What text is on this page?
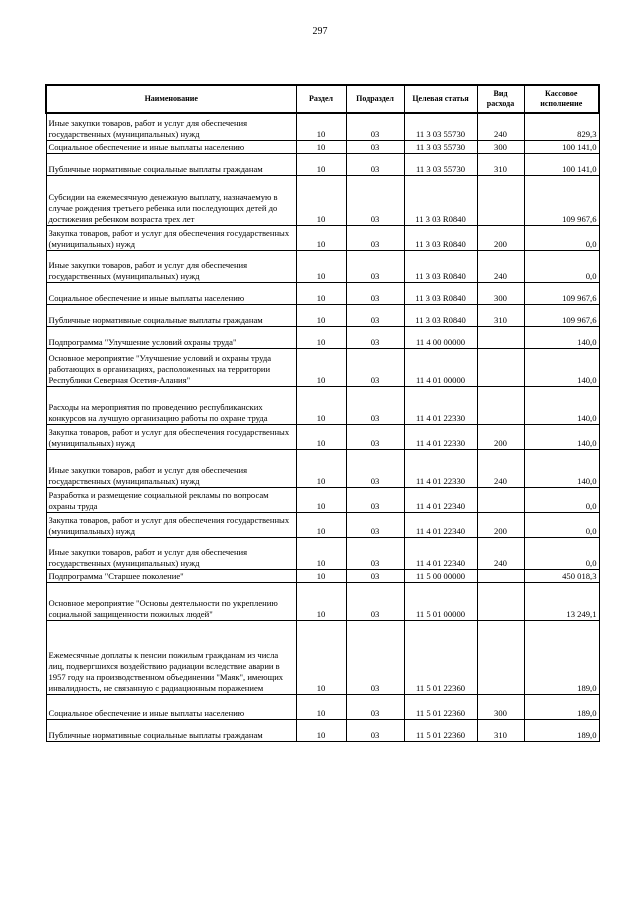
297
Наименование	Раздел	Подраздел	Целевая статья	Вид расхода	Кассовое исполнение
Иные закупки товаров, работ и услуг для обеспечения государственных (муниципальных) нужд	10	03	11 3 03 55730	240	829,3
Социальное обеспечение и иные выплаты населению	10	03	11 3 03 55730	300	100 141,0
Публичные нормативные социальные выплаты гражданам	10	03	11 3 03 55730	310	100 141,0
Субсидии на ежемесячную денежную выплату, назначаемую в случае рождения третьего ребенка или последующих детей до достижения ребенком возраста трех лет	10	03	11 3 03 R0840		109 967,6
Закупка товаров, работ и услуг для обеспечения государственных (муниципальных) нужд	10	03	11 3 03 R0840	200	0,0
Иные закупки товаров, работ и услуг для обеспечения государственных (муниципальных) нужд	10	03	11 3 03 R0840	240	0,0
Социальное обеспечение и иные выплаты населению	10	03	11 3 03 R0840	300	109 967,6
Публичные нормативные социальные выплаты гражданам	10	03	11 3 03 R0840	310	109 967,6
Подпрограмма "Улучшение условий охраны труда"	10	03	11 4 00 00000		140,0
Основное мероприятие "Улучшение условий и охраны труда работающих в организациях, расположенных на территории Республики Северная Осетия-Алания"	10	03	11 4 01 00000		140,0
Расходы на мероприятия по проведению республиканских конкурсов на лучшую организацию работы по охране труда	10	03	11 4 01 22330		140,0
Закупка товаров, работ и услуг для обеспечения государственных (муниципальных) нужд	10	03	11 4 01 22330	200	140,0
Иные закупки товаров, работ и услуг для обеспечения государственных (муниципальных) нужд	10	03	11 4 01 22330	240	140,0
Разработка и размещение социальной рекламы по вопросам охраны труда	10	03	11 4 01 22340		0,0
Закупка товаров, работ и услуг для обеспечения государственных (муниципальных) нужд	10	03	11 4 01 22340	200	0,0
Иные закупки товаров, работ и услуг для обеспечения государственных (муниципальных) нужд	10	03	11 4 01 22340	240	0,0
Подпрограмма "Старшее поколение"	10	03	11 5 00 00000		450 018,3
Основное мероприятие "Основы деятельности по укреплению социальной защищенности пожилых людей"	10	03	11 5 01 00000		13 249,1
Ежемесячные доплаты к пенсии пожилым гражданам из числа лиц, подвергшихся воздействию радиации вследствие аварии в 1957 году на производственном объединении "Маяк", имеющих инвалидность, не связанную с радиационным поражением	10	03	11 5 01 22360		189,0
Социальное обеспечение и иные выплаты населению	10	03	11 5 01 22360	300	189,0
Публичные нормативные социальные выплаты гражданам	10	03	11 5 01 22360	310	189,0
